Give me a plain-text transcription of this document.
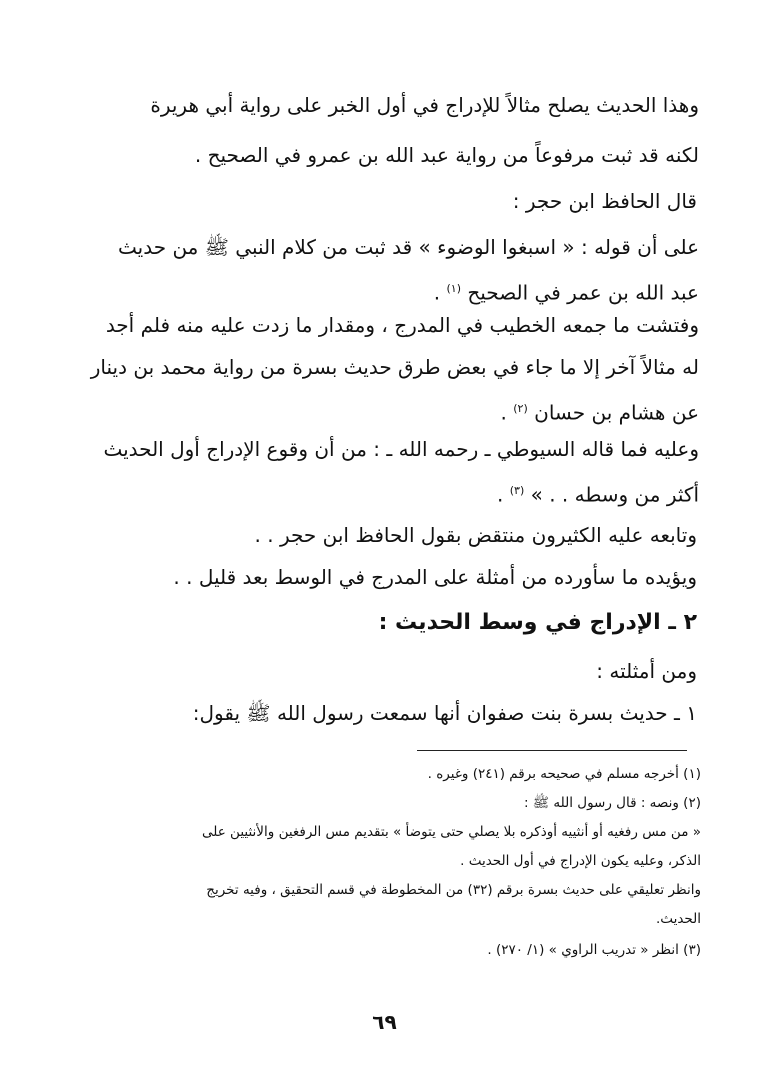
وهذا الحديث يصلح مثالاً للإدراج في أول الخبر على رواية أبي هريرة
لكنه قد ثبت مرفوعاً من رواية عبد الله بن عمرو في الصحيح .
قال الحافظ ابن حجر :
على أن قوله : « اسبغوا الوضوء » قد ثبت من كلام النبي ﷺ من حديث
عبد الله بن عمر في الصحيح $^{(١)}$ .
وفتشت ما جمعه الخطيب في المدرج ، ومقدار ما زدت عليه منه فلم أجد
له مثالاً آخر إلا ما جاء في بعض طرق حديث بسرة من رواية محمد بن دينار
عن هشام بن حسان $^{(٢)}$ .
وعليه فما قاله السيوطي ـ رحمه الله ـ : من أن وقوع الإدراج أول الحديث
أكثر من وسطه . . » $^{(٣)}$ .
وتابعه عليه الكثيرون منتقض بقول الحافظ ابن حجر . .
ويؤيده ما سأورده من أمثلة على المدرج في الوسط بعد قليل . .
٢ ـ الإدراج في وسط الحديث :
ومن أمثلته :
١ ـ حديث بسرة بنت صفوان أنها سمعت رسول الله ﷺ يقول:
(١) أخرجه مسلم في صحيحه برقم (٢٤١) وغيره .
(٢) ونصه : قال رسول الله ﷺ :
« من مس رفغيه أو أنثييه أوذكره بلا يصلي حتى يتوضأ » بتقديم مس الرفغين والأنثيين على
الذكر، وعليه يكون الإدراج في أول الحديث .
وانظر تعليقي على حديث بسرة برقم (٣٢) من المخطوطة في قسم التحقيق ، وفيه تخريج
الحديث.
(٣) انظر « تدريب الراوي » (١/ ٢٧٠) .
٦٩
